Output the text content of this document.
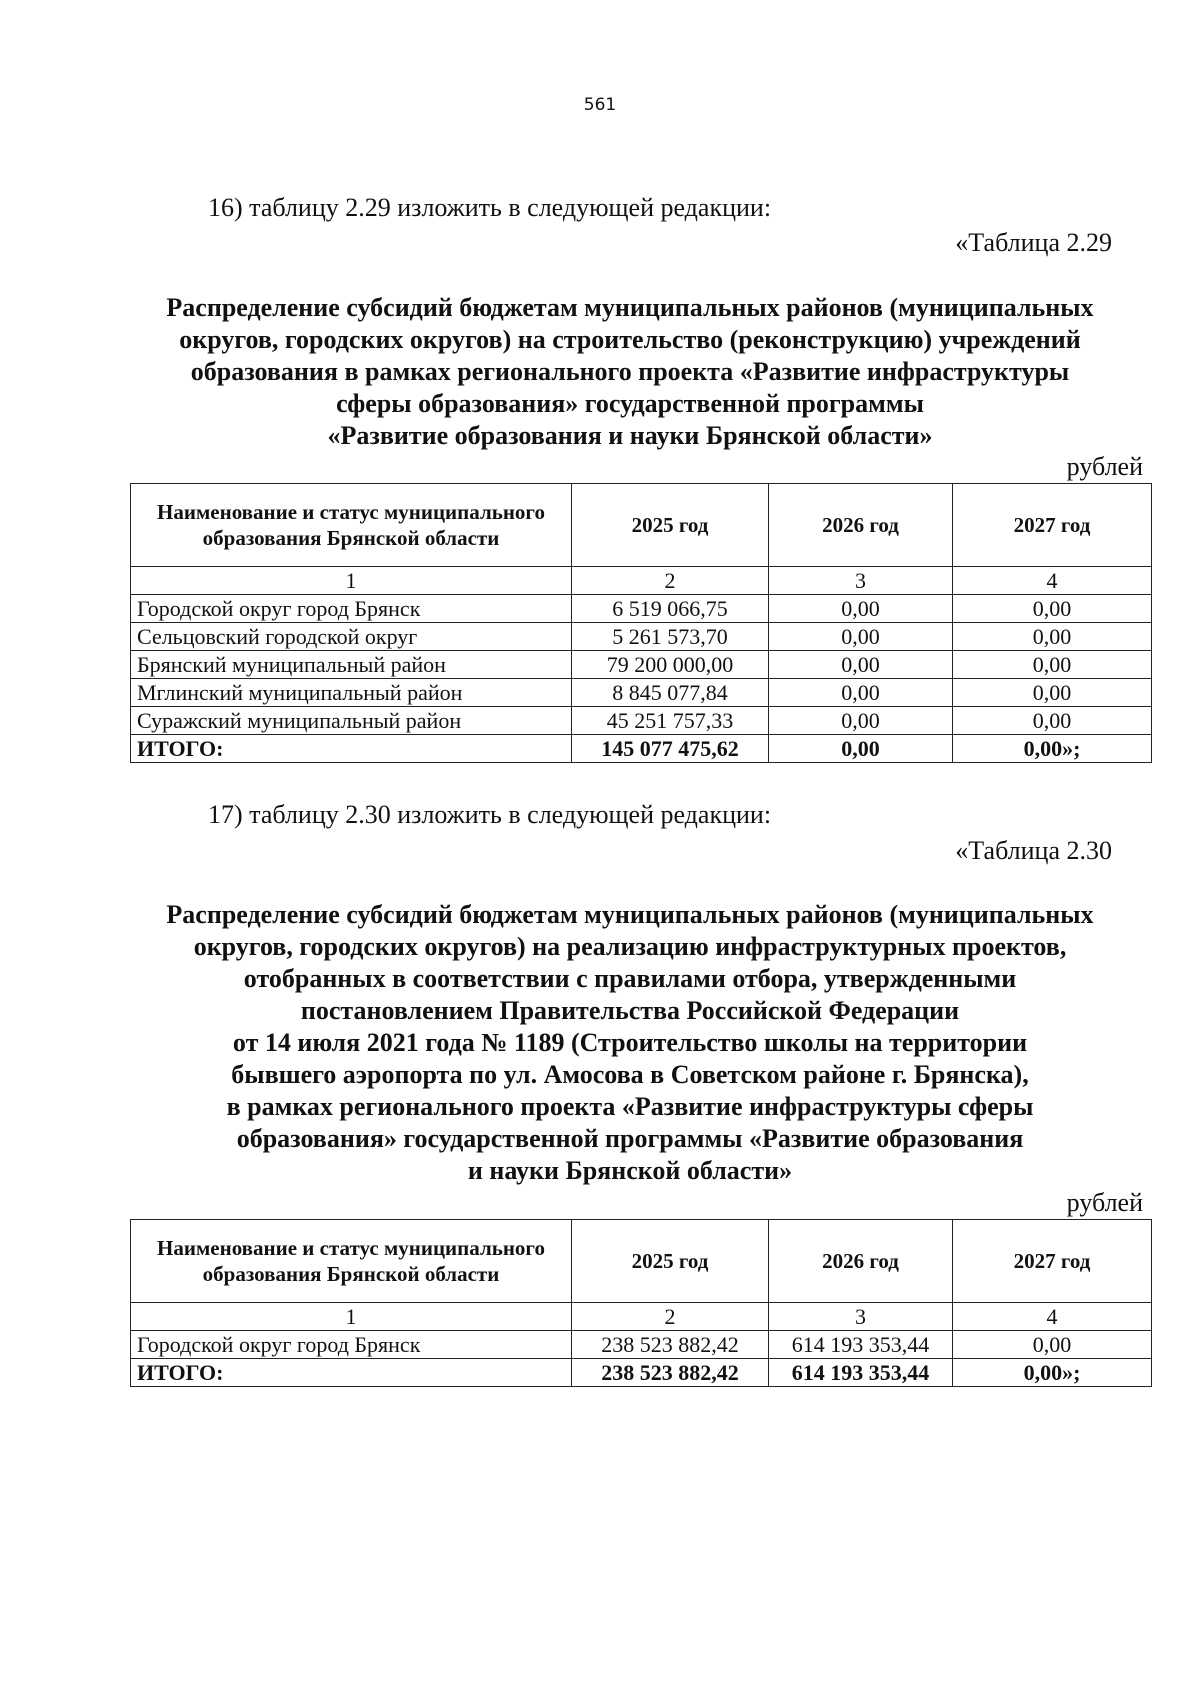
561
16) таблицу 2.29 изложить в следующей редакции:
«Таблица 2.29
Распределение субсидий бюджетам муниципальных районов (муниципальных
округов, городских округов) на строительство (реконструкцию) учреждений
образования в рамках регионального проекта «Развитие инфраструктуры
сферы образования» государственной программы
«Развитие образования и науки Брянской области»
рублей
Наименование и статус муниципального образования Брянской области	2025 год	2026 год	2027 год
1	2	3	4
Городской округ город Брянск	6 519 066,75	0,00	0,00
Сельцовский городской округ	5 261 573,70	0,00	0,00
Брянский муниципальный район	79 200 000,00	0,00	0,00
Мглинский муниципальный район	8 845 077,84	0,00	0,00
Суражский муниципальный район	45 251 757,33	0,00	0,00
ИТОГО:	145 077 475,62	0,00	0,00»;
17) таблицу 2.30 изложить в следующей редакции:
«Таблица 2.30
Распределение субсидий бюджетам муниципальных районов (муниципальных
округов, городских округов) на реализацию инфраструктурных проектов,
отобранных в соответствии с правилами отбора, утвержденными
постановлением Правительства Российской Федерации
от 14 июля 2021 года № 1189 (Строительство школы на территории
бывшего аэропорта по ул. Амосова в Советском районе г. Брянска),
в рамках регионального проекта «Развитие инфраструктуры сферы
образования» государственной программы «Развитие образования
и науки Брянской области»
рублей
Наименование и статус муниципального образования Брянской области	2025 год	2026 год	2027 год
1	2	3	4
Городской округ город Брянск	238 523 882,42	614 193 353,44	0,00
ИТОГО:	238 523 882,42	614 193 353,44	0,00»;
